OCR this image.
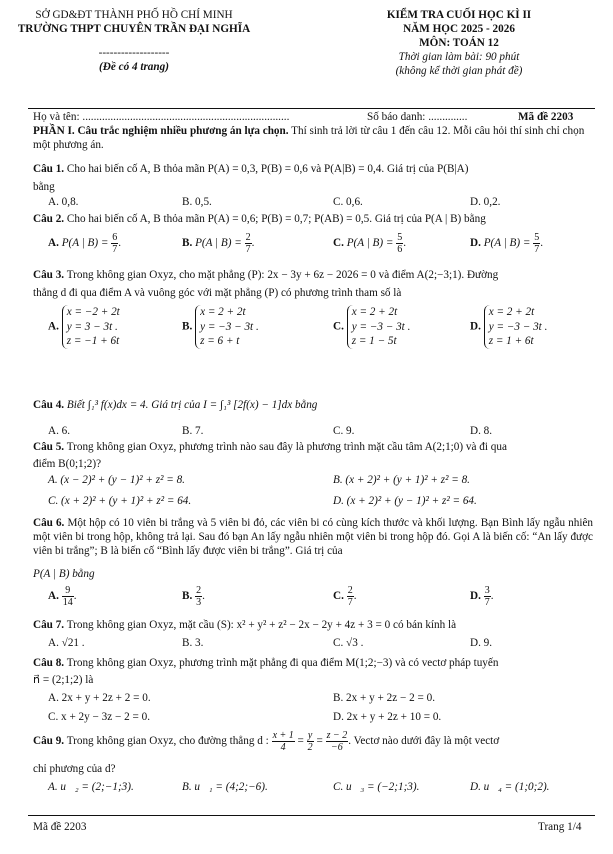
SỞ GD&ĐT THÀNH PHỐ HỒ CHÍ MINH
TRƯỜNG THPT CHUYÊN TRẦN ĐẠI NGHĨA
-------------------
(Đề có 4 trang)
KIỂM TRA CUỐI HỌC KÌ II
NĂM HỌC 2025 - 2026
MÔN: TOÁN 12
Thời gian làm bài: 90 phút
(không kể thời gian phát đề)
Họ và tên: ..........................................................................	Số báo danh: ..............	Mã đề 2203
PHẦN I. Câu trắc nghiệm nhiều phương án lựa chọn. Thí sinh trả lời từ câu 1 đến câu 12. Mỗi câu hỏi thí sinh chỉ chọn một phương án.
Câu 1. Cho hai biến cố A, B thỏa mãn P(A) = 0,3, P(B) = 0,6 và P(A|B) = 0,4. Giá trị của P(B|A)
bằng
A. 0,8.	B. 0,5.	C. 0,6.	D. 0,2.
Câu 2. Cho hai biến cố A, B thỏa mãn P(A) = 0,6; P(B) = 0,7; P(AB) = 0,5. Giá trị của P(A | B) bằng
A. P(A | $B) = \frac{6}{7}$ .	B. P(A | $B) = \frac{2}{7}$ .	C. P(A | $B) = \frac{5}{6}$ .	D. P(A | $B) = \frac{5}{7}$ .
Câu 3. Trong không gian Oxyz, cho mặt phẳng (P): 2x − 3y + 6z − 2026 = 0 và điểm A(2;−3;1). Đường
thẳng d đi qua điểm A và vuông góc với mặt phẳng (P) có phương trình tham số là
A.
x = −2 + 2t
y = 3 − 3t .
z = −1 + 6t
B.
x = 2 + 2t
y = −3 − 3t .
z = 6 + t
C.
x = 2 + 2t
y = −3 − 3t .
z = 1 − 5t
D.
x = 2 + 2t
y = −3 − 3t .
z = 1 + 6t
Câu 4. Biết ∫₁³ f(x)dx = 4. Giá trị của I = ∫₁³ [2f(x) − 1]dx bằng
A. 6.	B. 7.	C. 9.	D. 8.
Câu 5. Trong không gian Oxyz, phương trình nào sau đây là phương trình mặt cầu tâm A(2;1;0) và đi qua
điểm B(0;1;2)?
A. (x − 2)² + (y − 1)² + z² = 8.	B. (x + 2)² + (y + 1)² + z² = 8.
C. (x + 2)² + (y + 1)² + z² = 64.	D. (x + 2)² + (y − 1)² + z² = 64.
Câu 6. Một hộp có 10 viên bi trắng và 5 viên bi đỏ, các viên bi có cùng kích thước và khối lượng. Bạn Bình lấy ngẫu nhiên một viên bi trong hộp, không trả lại. Sau đó bạn An lấy ngẫu nhiên một viên bi trong hộp đó. Gọi A là biến cố: “An lấy được viên bi trắng”; B là biến cố “Bình lấy được viên bi trắng”. Giá trị của
P(A | B) bằng
A. $\frac{9}{14}$ .	B. $\frac{2}{3}$ .	C. $\frac{2}{7}$ .	D. $\frac{3}{7}$ .
Câu 7. Trong không gian Oxyz, mặt cầu (S): x² + y² + z² − 2x − 2y + 4z + 3 = 0 có bán kính là
A. √21 .	B. 3.	C. √3 .	D. 9.
Câu 8. Trong không gian Oxyz, phương trình mặt phẳng đi qua điểm M(1;2;−3) và có vectơ pháp tuyến
n⃗ = (2;1;2) là
A. 2x + y + 2z + 2 = 0.	B. 2x + y + 2z − 2 = 0.
C. x + 2y − 3z − 2 = 0.	D. 2x + y + 2z + 10 = 0.
Câu 9. Trong không gian Oxyz, cho đường thẳng d : $\frac{x + 1}{4} = \frac{y}{2} = \frac{z - 2}{-6}$ . Vectơ nào dưới đây là một vectơ
chỉ phương của d?
A. u⃗₂ = (2;−1;3).	B. u⃗₁ = (4;2;−6).	C. u⃗₃ = (−2;1;3).	D. u⃗₄ = (1;0;2).
Mã đề 2203	Trang 1/4
